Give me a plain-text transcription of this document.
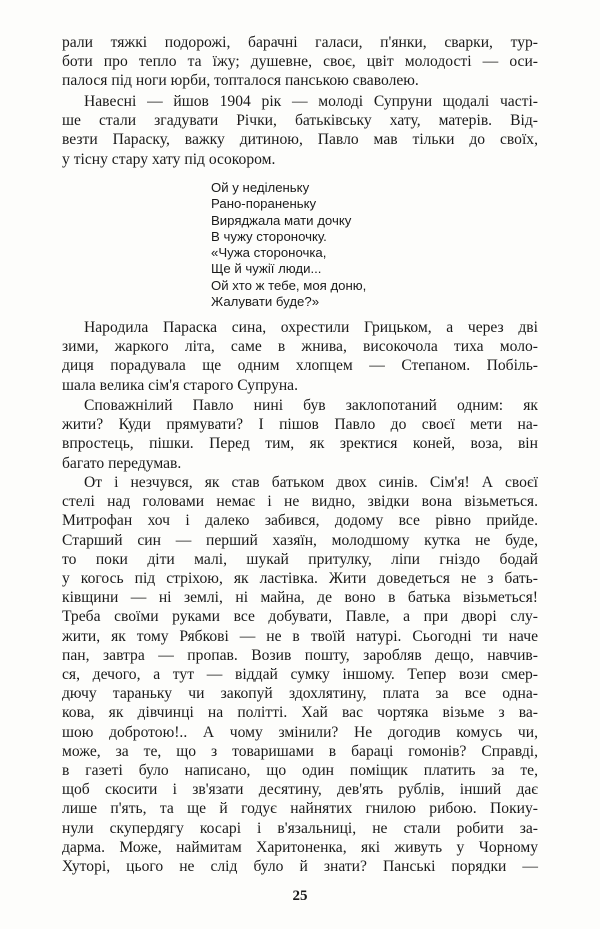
рали тяжкі подорожі, барачні галаси, п'янки, сварки, тур-
боти про тепло та їжу; душевне, своє, цвіт молодості — оси-
палося під ноги юрби, топталося панською сваволею.

Навесні — йшов 1904 рік — молоді Супруни щодалі часті-
ше стали згадувати Річки, батьківську хату, матерів. Від-
везти Параску, важку дитиною, Павло мав тільки до своїх,
у тісну стару хату під осокором.

Ой у неділеньку
Рано-пораненьку
Виряджала мати дочку
В чужу стороночку.
«Чужа стороночка,
Ще й чужії люди...
Ой хто ж тебе, моя доню,
Жалувати буде?»

Народила Параска сина, охрестили Грицьком, а через дві
зими, жаркого літа, саме в жнива, високочола тиха моло-
диця порадувала ще одним хлопцем — Степаном. Побіль-
шала велика сім'я старого Супруна.

Споважнілий Павло нині був заклопотаний одним: як
жити? Куди прямувати? І пішов Павло до своєї мети на-
впростець, пішки. Перед тим, як зректися коней, воза, він
багато передумав.

От і незчувся, як став батьком двох синів. Сім'я! А своєї
стелі над головами немає і не видно, звідки вона візьметься.
Митрофан хоч і далеко забився, додому все рівно прийде.
Старший син — перший хазяїн, молодшому кутка не буде,
то поки діти малі, шукай притулку, ліпи гніздо бодай
у когось під стріхою, як ластівка. Жити доведеться не з бать-
ківщини — ні землі, ні майна, де воно в батька візьметься!
Треба своїми руками все добувати, Павле, а при дворі слу-
жити, як тому Рябкові — не в твоїй натурі. Сьогодні ти наче
пан, завтра — пропав. Возив пошту, заробляв дещо, навчив-
ся, дечого, а тут — віддай сумку іншому. Тепер вози смер-
дючу тараньку чи закопуй здохлятину, плата за все однa-
кова, як дівчинці на політті. Хай вас чортяка візьме з ва-
шою добротою!.. А чому змінили? Не догодив комусь чи,
може, за те, що з товаришами в бараці гомонів? Справді,
в газеті було написано, що один поміщик платить за те,
щоб скосити і зв'язати десятину, дев'ять рублів, інший дає
лише п'ять, та ще й годує найнятих гнилою рибою. Покиу-
нули скупердягу косарі і в'язальниці, не стали робити за-
дарма. Може, наймитам Харитоненка, які живуть у Чорному
Хуторі, цього не слід було й знати? Панські порядки —

25
